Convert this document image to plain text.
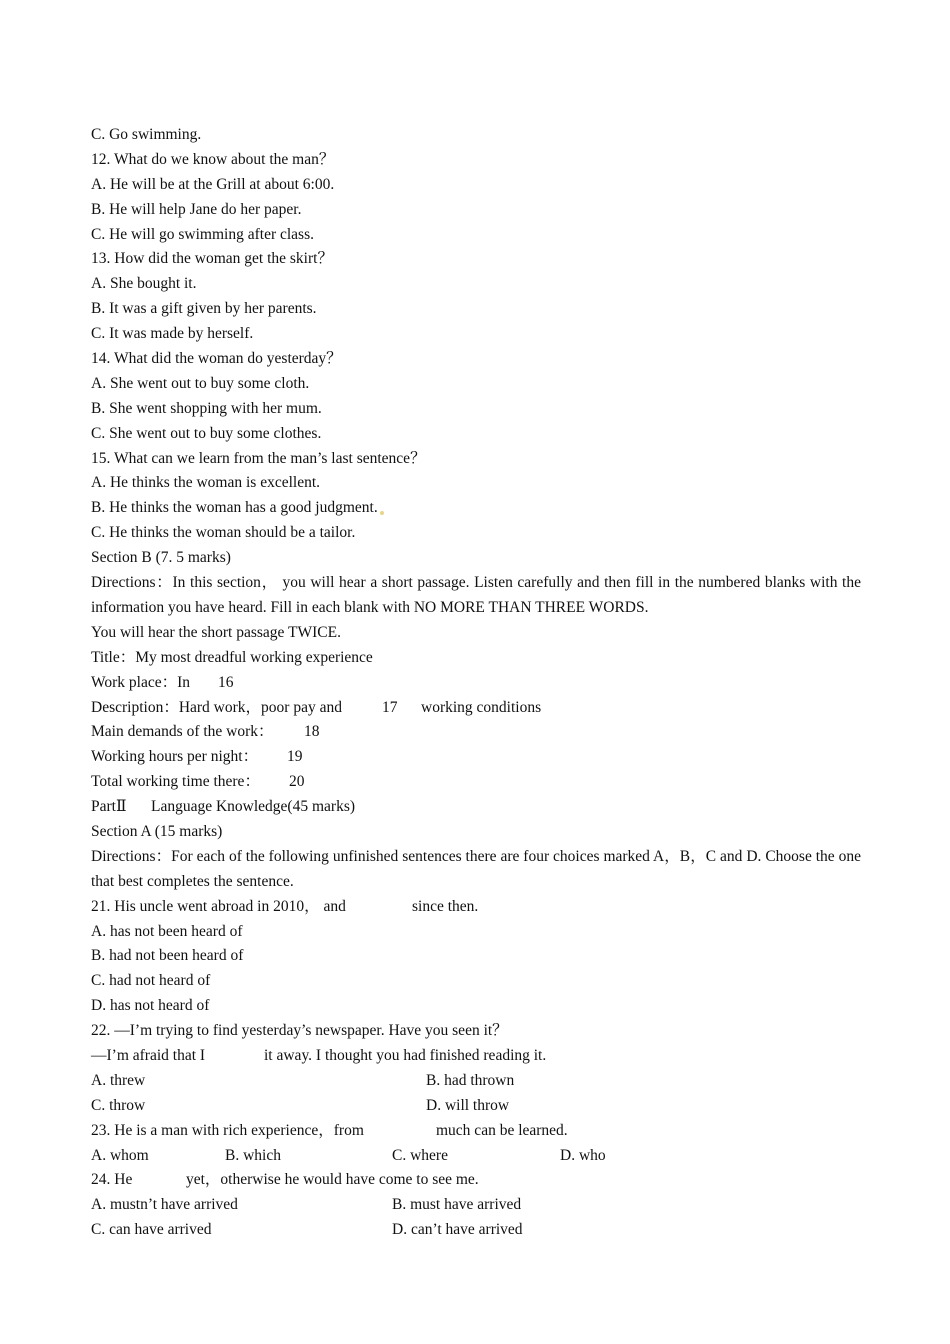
C. Go swimming.
12. What do we know about the man？
A. He will be at the Grill at about 6:00.
B. He will help Jane do her paper.
C. He will go swimming after class.
13. How did the woman get the skirt？
A. She bought it.
B. It was a gift given by her parents.
C. It was made by herself.
14. What did the woman do yesterday？
A. She went out to buy some cloth.
B. She went shopping with her mum.
C. She went out to buy some clothes.
15. What can we learn from the man’s last sentence？
A. He thinks the woman is excellent.
B. He thinks the woman has a good judgment.
C. He thinks the woman should be a tailor.
Section B (7. 5 marks)
Directions：In this section， you will hear a short passage. Listen carefully and then fill in the numbered blanks with the information you have heard. Fill in each blank with NO MORE THAN THREE WORDS.
You will hear the short passage TWICE.
Title：My most dreadful working experience
Work place：In 16
Description：Hard work，poor pay and	17 working conditions
Main demands of the work： 18
Working hours per night： 19
Total working time there： 20
PartⅡ Language Knowledge(45 marks)
Section A (15 marks)
Directions：For each of the following unfinished sentences there are four choices marked A，B，C and D. Choose the one that best completes the sentence.
21. His uncle went abroad in 2010， and	since then.
A. has not been heard of
B. had not been heard of
C. had not heard of
D. has not heard of
22. —I’m trying to find yesterday’s newspaper. Have you seen it？
—I’m afraid that I	it away. I thought you had finished reading it.
A. threw	B. had thrown
C. throw	D. will throw
23. He is a man with rich experience，from	much can be learned.
A. whom	B. which	C. where	D. who
24. He	yet，otherwise he would have come to see me.
A. mustn’t have arrived	B. must have arrived
C. can have arrived	D. can’t have arrived
